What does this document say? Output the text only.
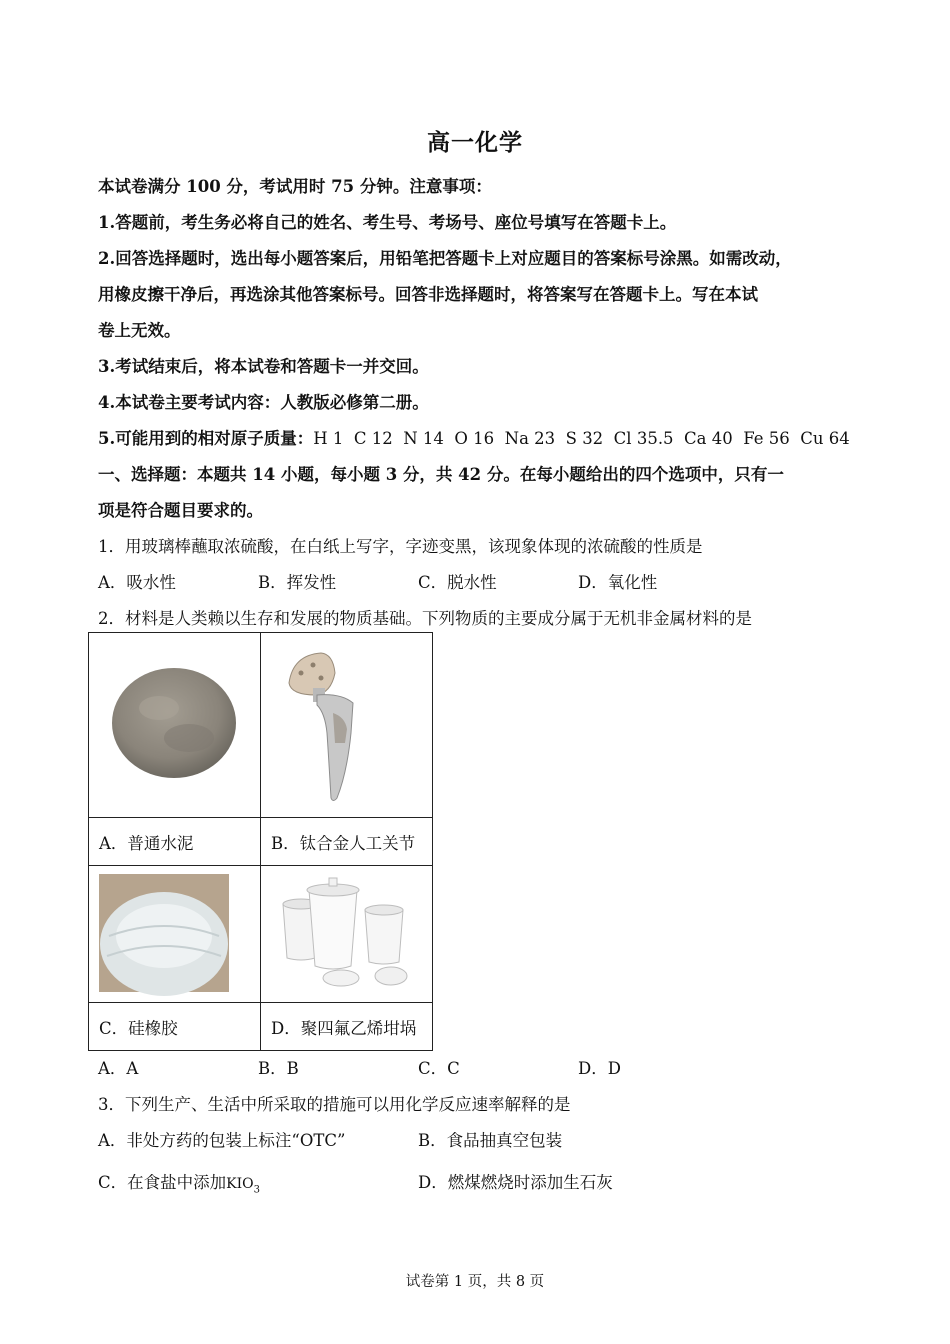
高一化学
本试卷满分 100 分，考试用时 75 分钟。注意事项：
1.答题前，考生务必将自己的姓名、考生号、考场号、座位号填写在答题卡上。
2.回答选择题时，选出每小题答案后，用铅笔把答题卡上对应题目的答案标号涂黑。如需改动，
用橡皮擦干净后，再选涂其他答案标号。回答非选择题时，将答案写在答题卡上。写在本试
卷上无效。
3.考试结束后，将本试卷和答题卡一并交回。
4.本试卷主要考试内容：人教版必修第二册。
5.可能用到的相对原子质量：H 1  C 12  N 14  O 16  Na 23  S 32  Cl 35.5  Ca 40  Fe 56  Cu 64
一、选择题：本题共 14 小题，每小题 3 分，共 42 分。在每小题给出的四个选项中，只有一
项是符合题目要求的。
1．用玻璃棒蘸取浓硫酸，在白纸上写字，字迹变黑，该现象体现的浓硫酸的性质是
A．吸水性	B．挥发性	C．脱水性	D．氧化性
2．材料是人类赖以生存和发展的物质基础。下列物质的主要成分属于无机非金属材料的是

A．普通水泥	B．钛合金人工关节

C．硅橡胶	D．聚四氟乙烯坩埚
A．A	B．B	C．C	D．D
3．下列生产、生活中所采取的措施可以用化学反应速率解释的是
A．非处方药的包装上标注“OTC”	B．食品抽真空包装
C．在食盐中添加$KIO_3$	D．燃煤燃烧时添加生石灰
试卷第 1 页，共 8 页
